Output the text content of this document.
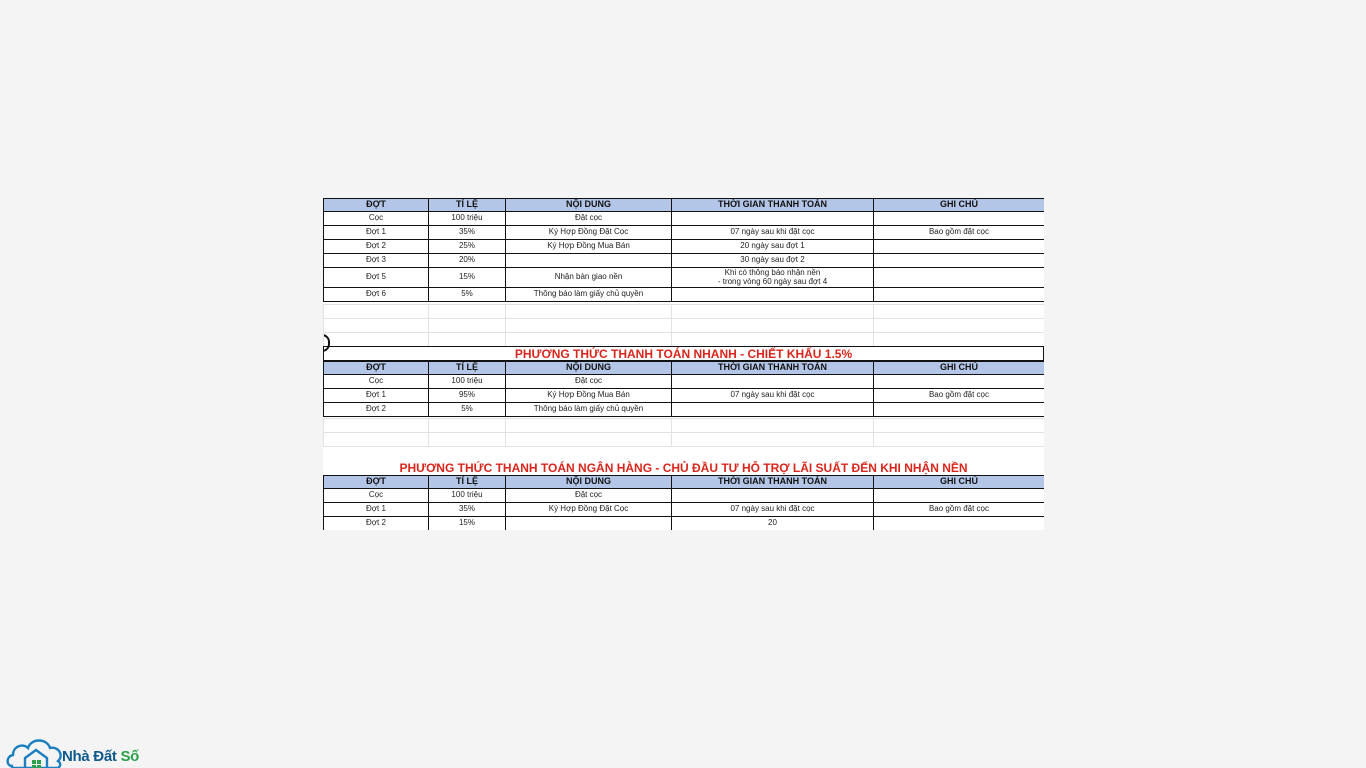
ĐỢT	TỈ LỆ	NỘI DUNG	THỜI GIAN THANH TOÁN	GHI CHÚ
Cọc	100 triệu	Đặt cọc		
Đợt 1	35%	Ký Hợp Đồng Đặt Cọc	07 ngày sau khi đặt cọc	Bao gồm đặt cọc
Đợt 2	25%	Ký Hợp Đồng Mua Bán	20 ngày sau đợt 1	
Đợt 3	20%		30 ngày sau đợt 2	
Đợt 5	15%	Nhận bàn giao nền	Khi có thông báo nhận nền
- trong vòng 60 ngày sau đợt 4	

Đợt 6	5%	Thông báo làm giấy chủ quyền		

PHƯƠNG THỨC THANH TOÁN NHANH - CHIẾT KHẤU 1.5%
ĐỢT	TỈ LỆ	NỘI DUNG	THỜI GIAN THANH TOÁN	GHI CHÚ
Cọc	100 triệu	Đặt cọc		
Đợt 1	95%	Ký Hợp Đồng Mua Bán	07 ngày sau khi đặt cọc	Bao gồm đặt cọc
Đợt 2	5%	Thông báo làm giấy chủ quyền		

PHƯƠNG THỨC THANH TOÁN NGÂN HÀNG - CHỦ ĐẦU TƯ HỖ TRỢ LÃI SUẤT ĐẾN KHI NHẬN NỀN
ĐỢT	TỈ LỆ	NỘI DUNG	THỜI GIAN THANH TOÁN	GHI CHÚ
Cọc	100 triệu	Đặt cọc		
Đợt 1	35%	Ký Hợp Đồng Đặt Cọc	07 ngày sau khi đặt cọc	Bao gồm đặt cọc
Đợt 2	15%		20	
Nhà Đất Số
